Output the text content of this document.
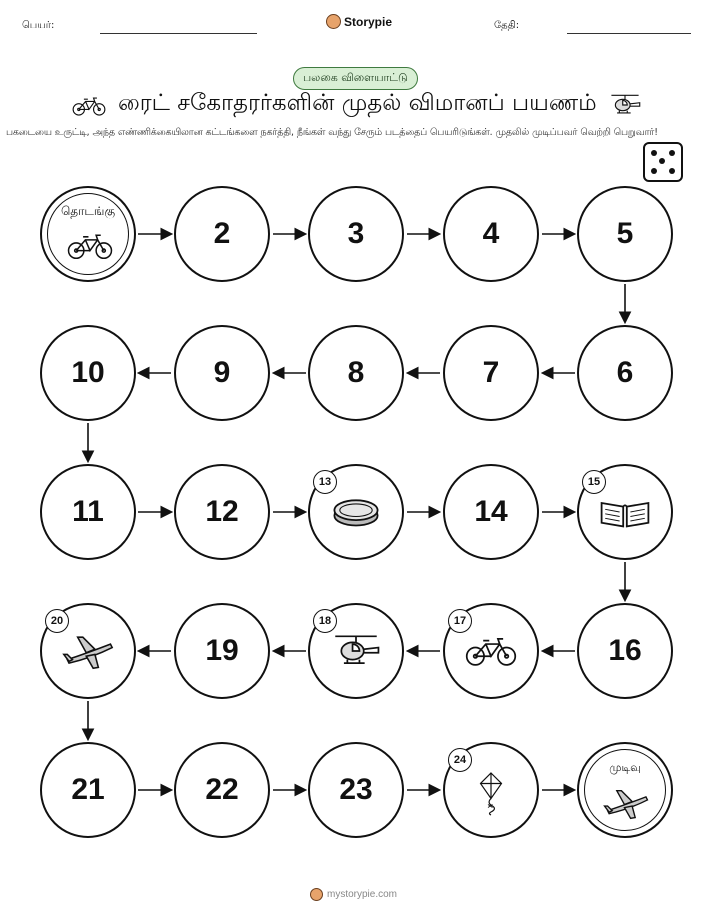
பெயர்:	Storypie	தேதி:
பலகை விளையாட்டு
ரைட் சகோதரர்களின் முதல் விமானப் பயணம்
பகடையை உருட்டி, அந்த எண்ணிக்கையிலான கட்டங்களை நகர்த்தி, நீங்கள் வந்து சேரும் படத்தைப் பெயரிடுங்கள். முதலில் முடிப்பவர் வெற்றி பெறுவார்!
தொடங்கு
2	3	4	5
10	9	8	7	6
11	12
13
14
15
20
19
18	17
16
21	22	23
24
முடிவு
mystorypie.com
